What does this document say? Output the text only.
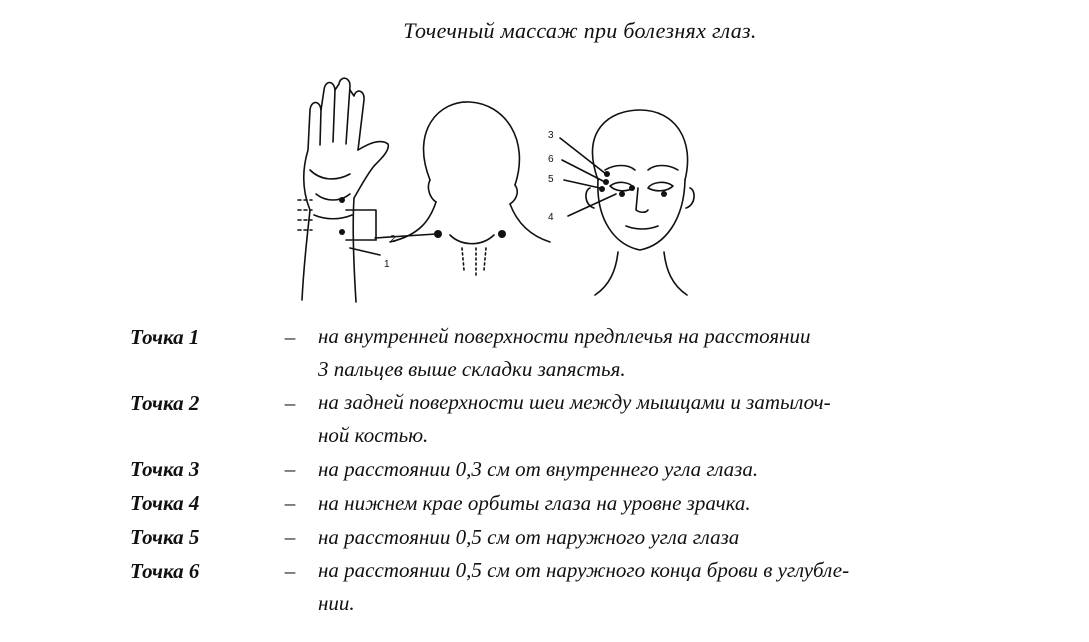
Точечный массаж при болезнях глаз.
2
1
3
6
5
4
Точка 1	–	на внутренней поверхности предплечья на расстоянии
3 пальцев выше складки запястья.
Точка 2	–	на задней поверхности шеи между мышцами и затылоч-
ной костью.
Точка 3	–	на расстоянии 0,3 см от внутреннего угла глаза.
Точка 4	–	на нижнем крае орбиты глаза на уровне зрачка.
Точка 5	–	на расстоянии 0,5 см от наружного угла глаза
Точка 6	–	на расстоянии 0,5 см от наружного конца брови в углубле-
нии.
